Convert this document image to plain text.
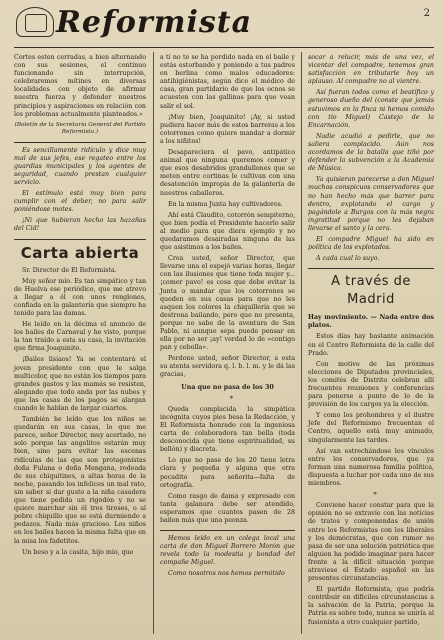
Reformista	2

Cortes esten cerradas, a bien alternando con sus sesiones, el contínuo funcionando sin interrupción, celebraremos mítines en diversas localidades con objeto de afirmar nuestra fuerza y defender nuestros principios y aspiraciones en relación con los problemas actualmente planteados.»

(Boletín de la Secretaría General del Partido Reformista.)

Es sencillamente ridículo y dice muy mal de sus jefes, ese regateo entre los guardias municipales y los agentes de seguridad, cuando prestan cualquier servicio.

El estímulo está muy bien para cumplir con el deber, no para salir poniéndose motes.

¡Ni que hubieran hecho las hazañas del Cid!

Carta abierta

Sr. Director de El Reformista.

Muy señor mío. Es tan simpático y tan de Huelva ese periódico, que me atrevo a llegar a él con unos renglones, confiada en la galantería que siempre ha tenido para las damas.

He leído en la décima el anuncio de los bailes de Carnaval y he visto, porque la tan traído a esta su casa, la invitación que firma Joaquinito.

¡Bailes lisiaos! Ya se contentará el joven presidente con que le salga multicolor, que no están los tiempos para grandes gastos y las mamás se resisten, alegando que todo anda por las nubes y que las casas de los pagos se alargan cuando le hablan de largar cuartos.

También he leído que los niños se quedarán en sus casas, lo que me parece, señor Director, muy acertado, no solo porque las angelitos estarán muy bien, sino para evitar las escenas ridículas de las que son protagonistas doña Fulana o doña Mengana, rodeada de sus chiquitines, a altas horas de la noche, pasando los infelices un mal rato, sin saber si dar gusto a la niña casadera que tiene pedida un rigodón y no se quiere marchar sin él tres tiroses, o al pobre chiquillo que se está durmiendo a pedazos. Nada más gracioso. Los niños en los bailes hacen la misma falta que en la misa los fadetitos.

Un beso y a la casita, hijo mío, que

a tí no te se ha perdido nada en el baile y estás estorbando y poniendo a tus padres en berlina como malos educadores: antihigiénistas, según dice el médico de casa, gran partidario de que los ocnos se acuesten con las gallinas para que vean salir el sol.

¡Muy bien, Joaquinito! ¡Ay, si usted pudiera hacer más de estos barreras a los cotorrones como quiere mandar a dormir a los niñitos!

Desapareciera el pavo, antipático animal que ninguna queremos comer y que esos desabridos grandullones que se meten entre cortinas le cultivan con una desatención impropia de la galantería de nuestros caballeros.

En la misma Junta hay cultivadores.

Ahí está Claudito, cotorrón sempiterno, que bien podía el Presidente hacerlo salir al medio para que diera ejemplo y no quedaramos desairadas ninguna de las que asistimos a los bailes.

Crea usted, señor Director, que llevarse una el espejó varias horas, llegar con las ilusiones que tiene toda mujer y... ¡comer pavo! es cosa que debe evitar la Junta o mandar que los cotorrones se queden en sus casas para que no les asquen los colores la chiquillería que se destrona bailando, pero que no presenta, porque no sabe de la aventura de San Pablo, ni aunque sepa puede pensar en ella por no ser ¡ay! verdad lo de «contigo pan y cebolla».

Perdone usted, señor Director, a esta su atenta servidora q. l. b. l. m. y le dá las gracias,

Una que no pasa de los 30

*

Queda complacida la simpática incógnita cuyos pies besa la Redacción, y El Reformista honrado con la ingeniosa carta de colaboradora tan bella (toda desconocida que tiene espiritualidad, su bellón) y discreta.

Lo que no pase de los 20 tiene letra clara y pequeña y alguna que otra pecadito para señorita—falta de ortografía.

Como rasgo de dama y expresado con tanta galanura debe ser atendido, esperamos que cuantos pasen de 28 bailen más que una peonza.

Hemos leído en un colega local una carta de don Miguel Borrero Morón que revela todo la modestia y bondad del compañe Miguel.

Como nosotros nos hemos permitido

socar a relucir, más de una vez, el vicentar del compadre, tenemos gran satisfacción en tributarle hoy un aplauso. Al compadre no al vientre.

Así fueran todos como el beatífico y generoso dueño del (conste que jamás estuvimos en la finca ni hemos comido con tío Miguel) Castejo de la Encarnación.

Nadie acudió a pedirle, que no saliera complacido. Aún nos acordamos de la batalla que tiñó por defender la subvención a la Academia de Música.

Ya quisieran parecerse a don Miguel muchos conspicuos conservadores que no han hecho más que barrer para dentro, explotando el cargo y pagándole a Burgos con la más negra ingratitud porque no les dejaban llevarse el santo y la cera.

El compadre Miguel ha sido en política de los explotados.

A cada cual lo suyo.

A través de Madrid

Hay movimiento. — Nada entre dos platos.

Estos días hay bastante animación en el Centro Reformista de la calle del Prado.

Con motivo de las próximas elecciones de Diputados provinciales, los comités de Distrito celebran allí frecuentes reuniones y conferencias para ponerse a punto de lo de la provisión de los cargos ya la elección.

Y como los prohombres y el ilustre Jefe del Reformismo frecuentan el Centro, aquello está muy animado, singularmente las tardes.

Así van estrechándose los vínculos entre los conservadores, que ya forman una numerosa familia política, dispuesta a luchar por cada uno de sus miembros.

*

Conviene hacer constar para que la opinión no se extravíe con las noticias de tratos y componendas de unión entre los Reformistas con los liberales y los demócratas, que con rumor no pasa de ser una solución patriótica que alguien ha podido imaginar para hacer frente a la difícil situación porque atraviese el Estado español en las presentes circunstancias.

El partido Reformista, que podría contribuir en difíciles circunstancias a la salvación de la Patria, porque la Patria es sobre todo, nunca se uniría al fusionista a otro cualquier partido,
